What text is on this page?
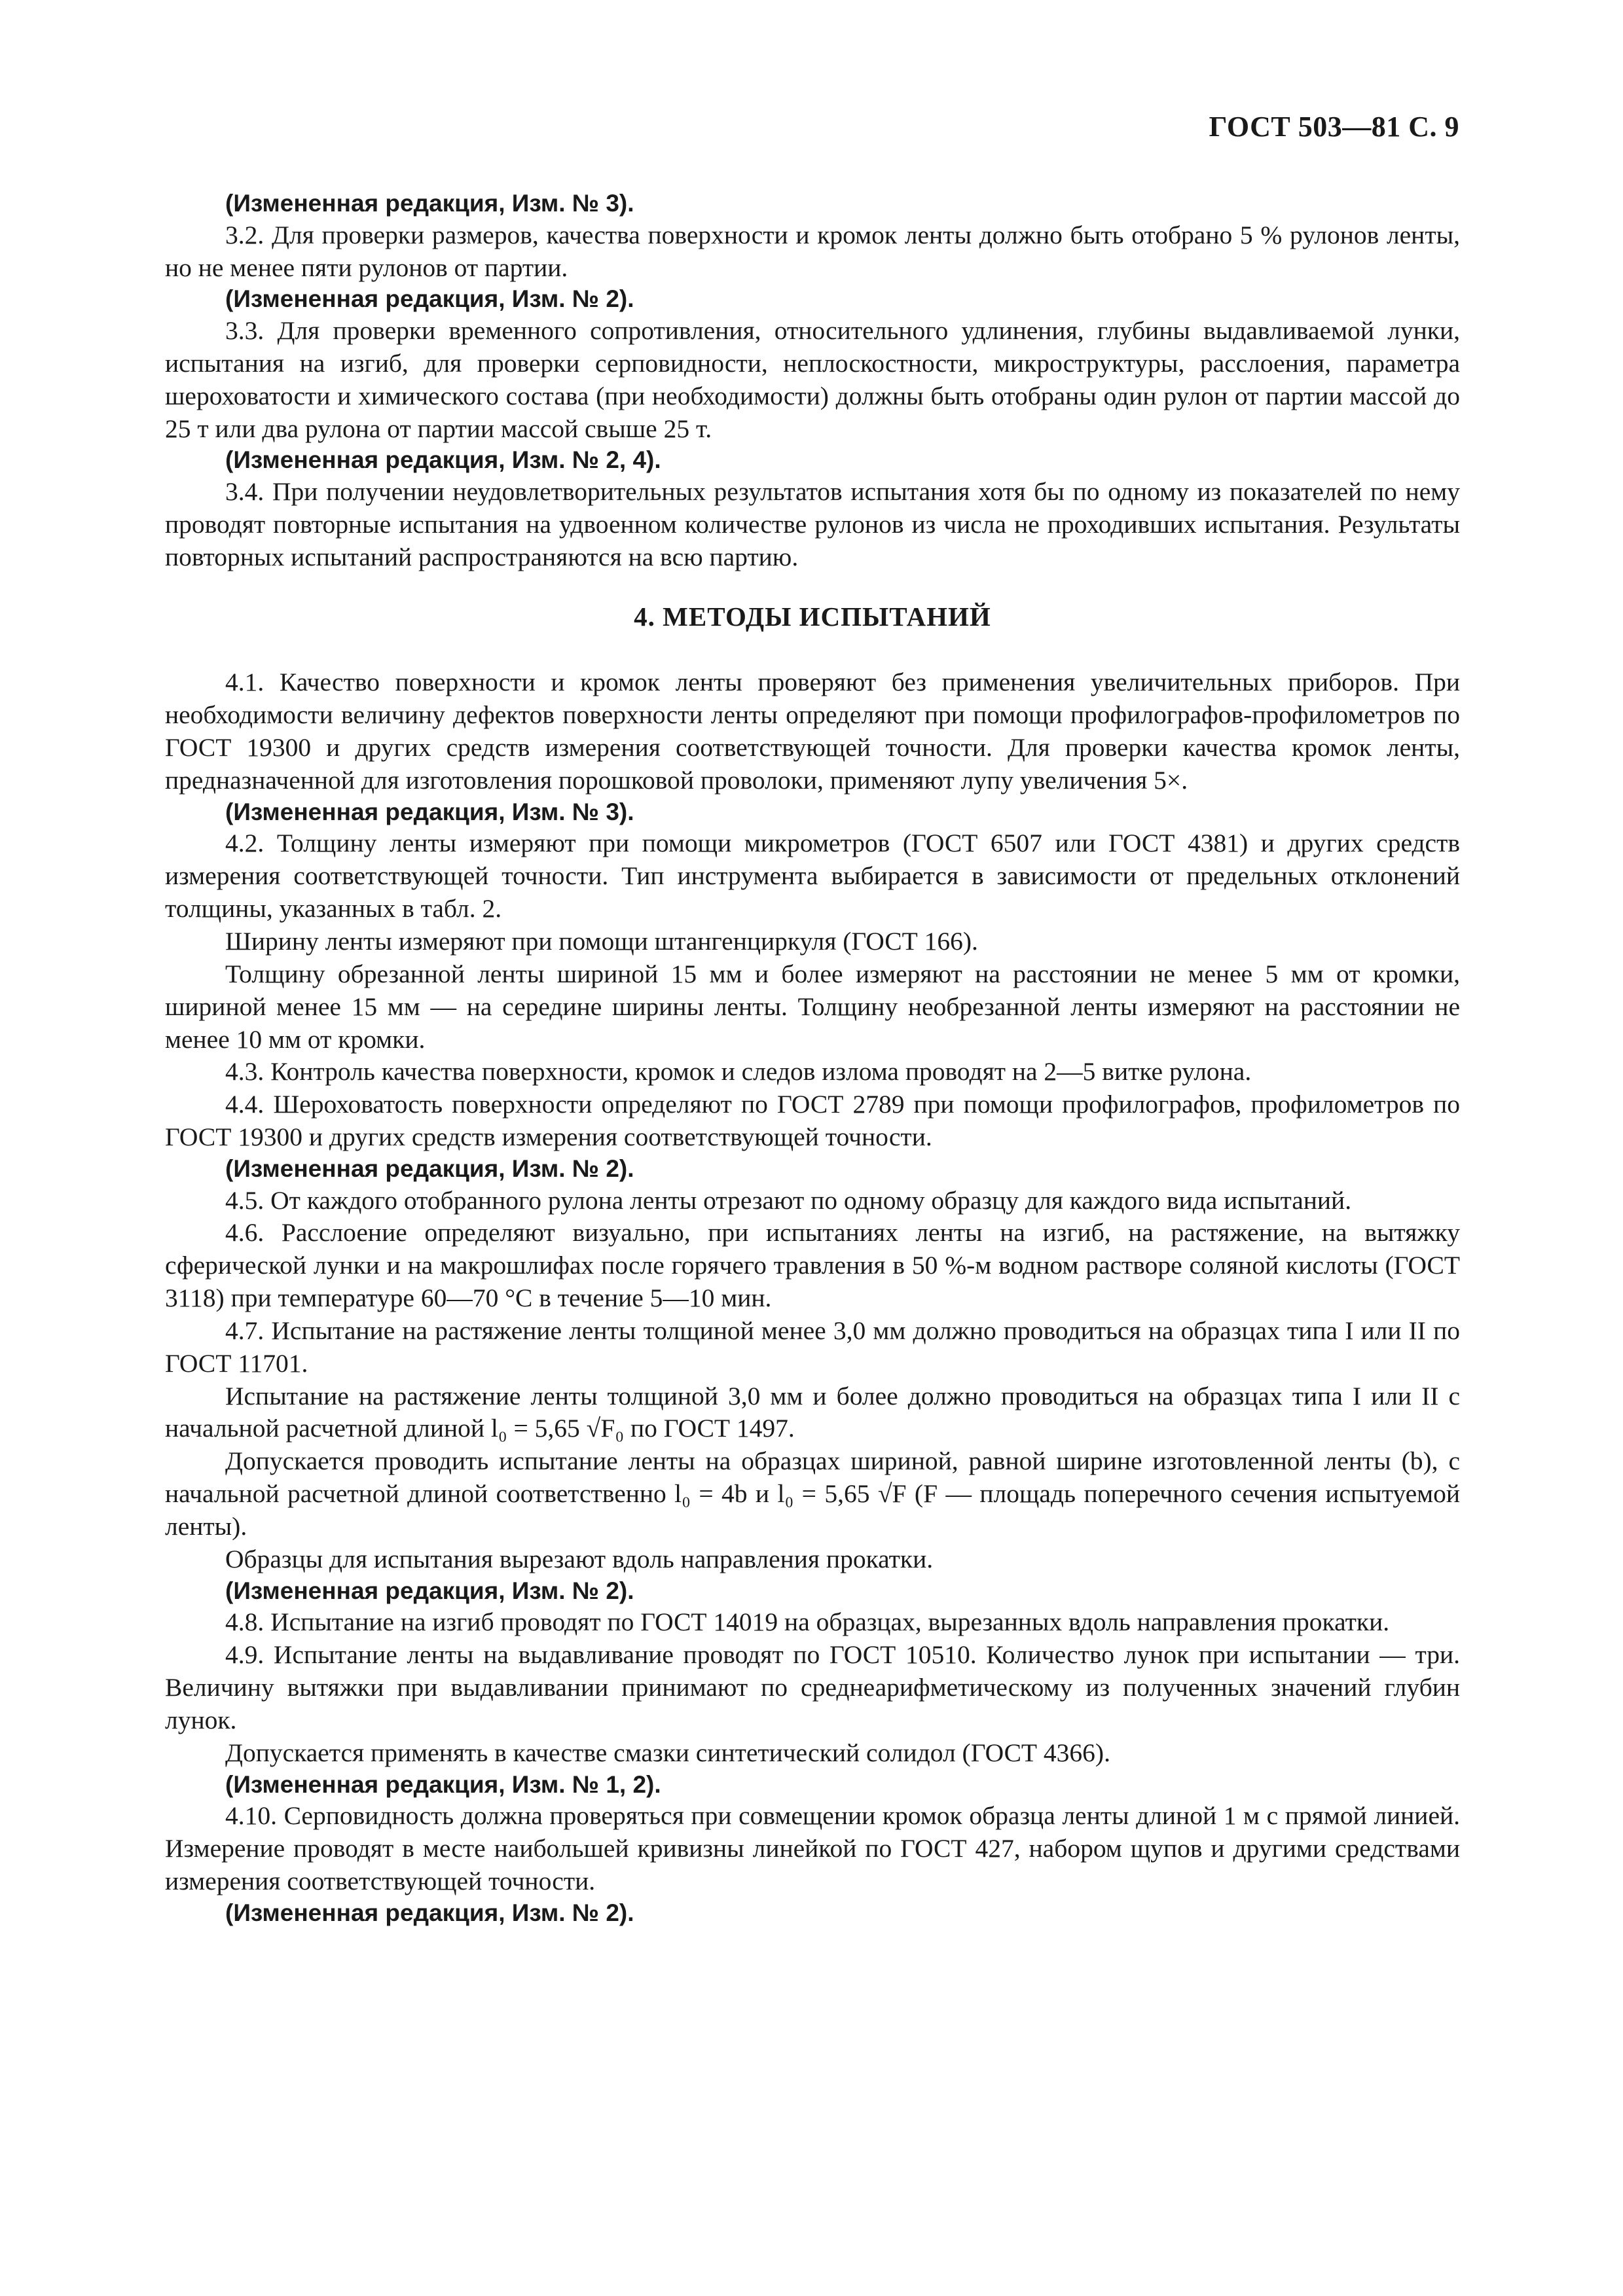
ГОСТ 503—81 С. 9

(Измененная редакция, Изм. № 3).

3.2. Для проверки размеров, качества поверхности и кромок ленты должно быть отобрано 5 % рулонов ленты, но не менее пяти рулонов от партии.

(Измененная редакция, Изм. № 2).

3.3. Для проверки временного сопротивления, относительного удлинения, глубины выдавливаемой лунки, испытания на изгиб, для проверки серповидности, неплоскостности, микроструктуры, расслоения, параметра шероховатости и химического состава (при необходимости) должны быть отобраны один рулон от партии массой до 25 т или два рулона от партии массой свыше 25 т.

(Измененная редакция, Изм. № 2, 4).

3.4. При получении неудовлетворительных результатов испытания хотя бы по одному из показателей по нему проводят повторные испытания на удвоенном количестве рулонов из числа не проходивших испытания. Результаты повторных испытаний распространяются на всю партию.

4. МЕТОДЫ ИСПЫТАНИЙ

4.1. Качество поверхности и кромок ленты проверяют без применения увеличительных приборов. При необходимости величину дефектов поверхности ленты определяют при помощи профилографов-профилометров по ГОСТ 19300 и других средств измерения соответствующей точности. Для проверки качества кромок ленты, предназначенной для изготовления порошковой проволоки, применяют лупу увеличения 5×.

(Измененная редакция, Изм. № 3).

4.2. Толщину ленты измеряют при помощи микрометров (ГОСТ 6507 или ГОСТ 4381) и других средств измерения соответствующей точности. Тип инструмента выбирается в зависимости от предельных отклонений толщины, указанных в табл. 2.

Ширину ленты измеряют при помощи штангенциркуля (ГОСТ 166).

Толщину обрезанной ленты шириной 15 мм и более измеряют на расстоянии не менее 5 мм от кромки, шириной менее 15 мм — на середине ширины ленты. Толщину необрезанной ленты измеряют на расстоянии не менее 10 мм от кромки.

4.3. Контроль качества поверхности, кромок и следов излома проводят на 2—5 витке рулона.

4.4. Шероховатость поверхности определяют по ГОСТ 2789 при помощи профилографов, профилометров по ГОСТ 19300 и других средств измерения соответствующей точности.

(Измененная редакция, Изм. № 2).

4.5. От каждого отобранного рулона ленты отрезают по одному образцу для каждого вида испытаний.

4.6. Расслоение определяют визуально, при испытаниях ленты на изгиб, на растяжение, на вытяжку сферической лунки и на макрошлифах после горячего травления в 50 %-м водном растворе соляной кислоты (ГОСТ 3118) при температуре 60—70 °С в течение 5—10 мин.

4.7. Испытание на растяжение ленты толщиной менее 3,0 мм должно проводиться на образцах типа I или II по ГОСТ 11701.

Испытание на растяжение ленты толщиной 3,0 мм и более должно проводиться на образцах типа I или II с начальной расчетной длиной l₀ = 5,65 √F₀ по ГОСТ 1497.

Допускается проводить испытание ленты на образцах шириной, равной ширине изготовленной ленты (b), с начальной расчетной длиной соответственно l₀ = 4b и l₀ = 5,65 √F (F — площадь поперечного сечения испытуемой ленты).

Образцы для испытания вырезают вдоль направления прокатки.

(Измененная редакция, Изм. № 2).

4.8. Испытание на изгиб проводят по ГОСТ 14019 на образцах, вырезанных вдоль направления прокатки.

4.9. Испытание ленты на выдавливание проводят по ГОСТ 10510. Количество лунок при испытании — три. Величину вытяжки при выдавливании принимают по среднеарифметическому из полученных значений глубин лунок.

Допускается применять в качестве смазки синтетический солидол (ГОСТ 4366).

(Измененная редакция, Изм. № 1, 2).

4.10. Серповидность должна проверяться при совмещении кромок образца ленты длиной 1 м с прямой линией. Измерение проводят в месте наибольшей кривизны линейкой по ГОСТ 427, набором щупов и другими средствами измерения соответствующей точности.

(Измененная редакция, Изм. № 2).
